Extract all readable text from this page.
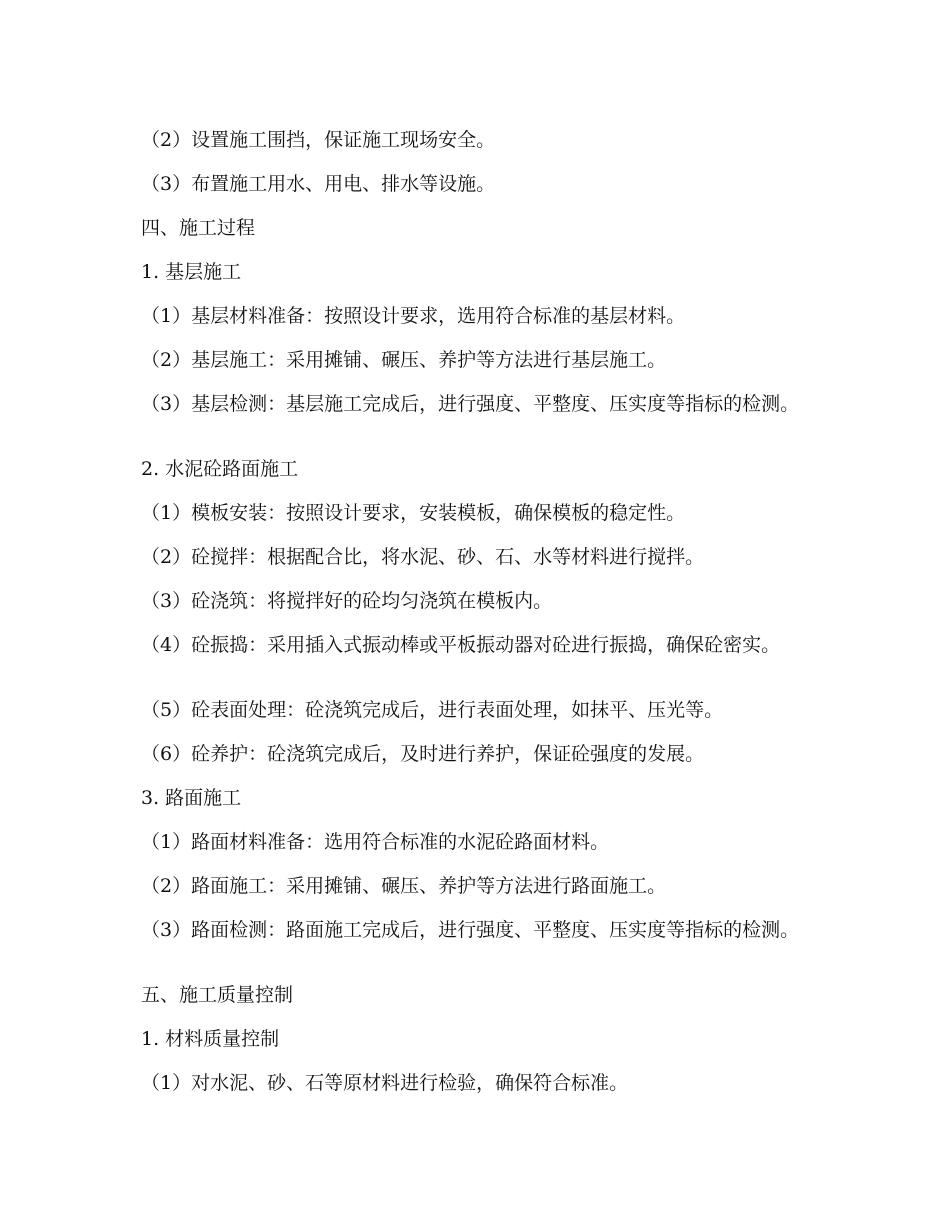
（2）设置施工围挡，保证施工现场安全。

（3）布置施工用水、用电、排水等设施。

四、施工过程

1. 基层施工

（1）基层材料准备：按照设计要求，选用符合标准的基层材料。

（2）基层施工：采用摊铺、碾压、养护等方法进行基层施工。

（3）基层检测：基层施工完成后，进行强度、平整度、压实度等指标的检测。

2. 水泥砼路面施工

（1）模板安装：按照设计要求，安装模板，确保模板的稳定性。

（2）砼搅拌：根据配合比，将水泥、砂、石、水等材料进行搅拌。

（3）砼浇筑：将搅拌好的砼均匀浇筑在模板内。

（4）砼振捣：采用插入式振动棒或平板振动器对砼进行振捣，确保砼密实。

（5）砼表面处理：砼浇筑完成后，进行表面处理，如抹平、压光等。

（6）砼养护：砼浇筑完成后，及时进行养护，保证砼强度的发展。

3. 路面施工

（1）路面材料准备：选用符合标准的水泥砼路面材料。

（2）路面施工：采用摊铺、碾压、养护等方法进行路面施工。

（3）路面检测：路面施工完成后，进行强度、平整度、压实度等指标的检测。

五、施工质量控制

1. 材料质量控制

（1）对水泥、砂、石等原材料进行检验，确保符合标准。
